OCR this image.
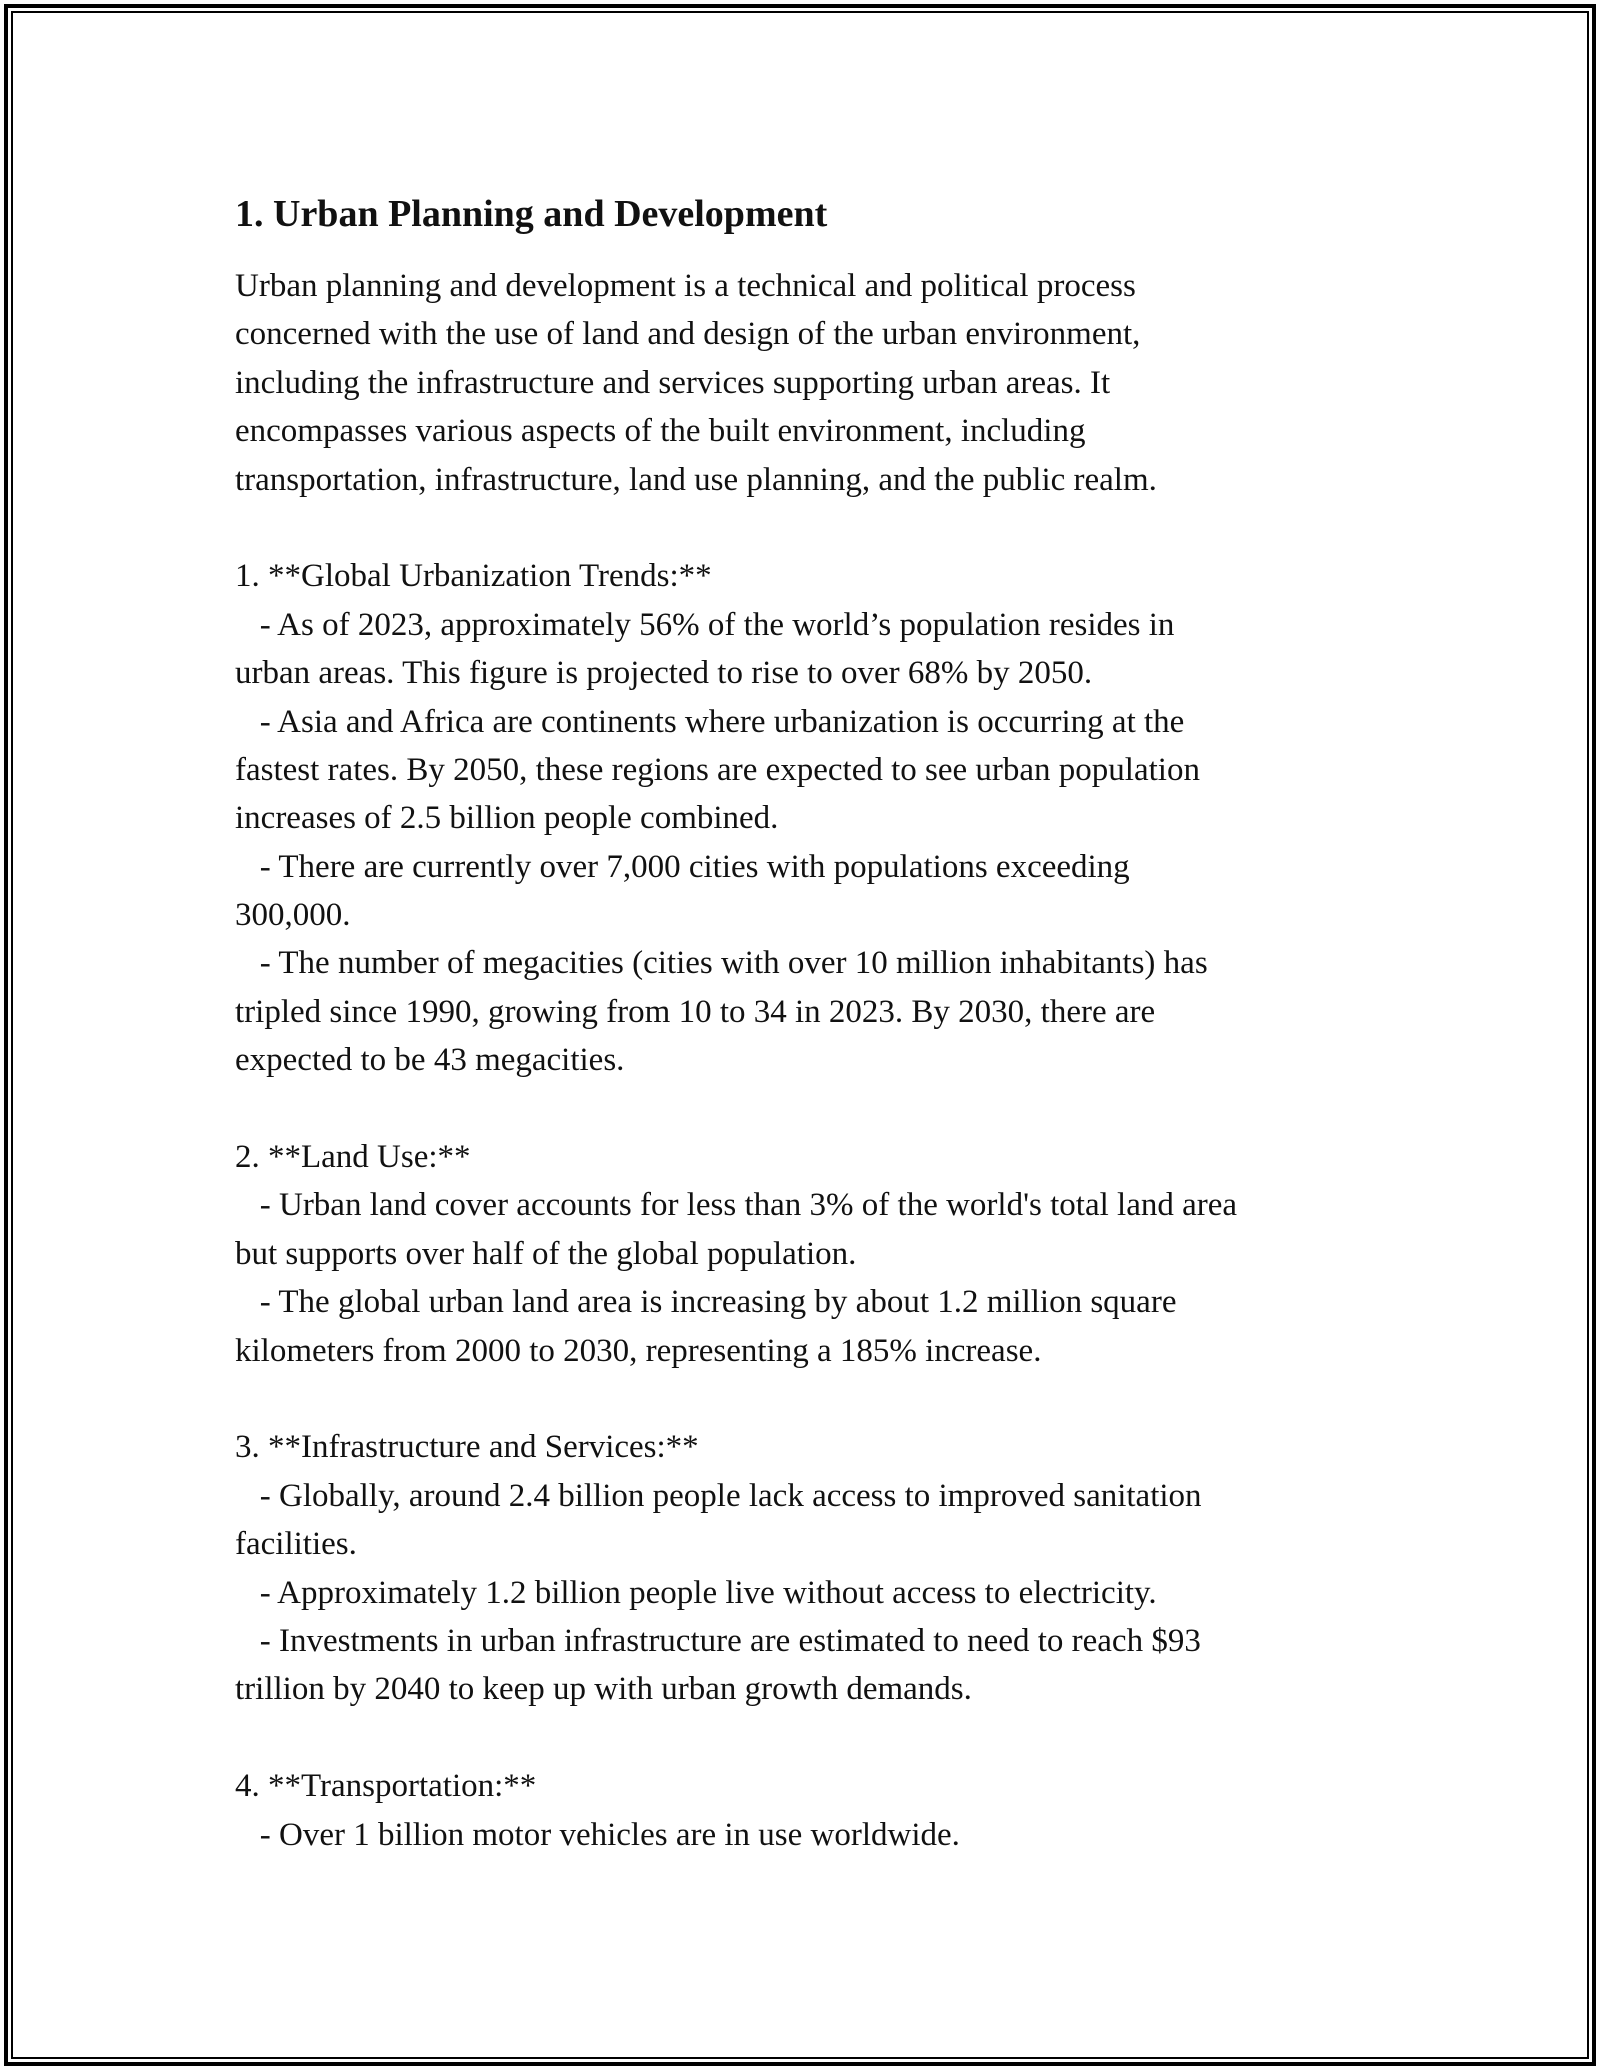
1. Urban Planning and Development
Urban planning and development is a technical and political process
concerned with the use of land and design of the urban environment,
including the infrastructure and services supporting urban areas. It
encompasses various aspects of the built environment, including
transportation, infrastructure, land use planning, and the public realm.
1. **Global Urbanization Trends:**
- As of 2023, approximately 56% of the world’s population resides in
urban areas. This figure is projected to rise to over 68% by 2050.
- Asia and Africa are continents where urbanization is occurring at the
fastest rates. By 2050, these regions are expected to see urban population
increases of 2.5 billion people combined.
- There are currently over 7,000 cities with populations exceeding
300,000.
- The number of megacities (cities with over 10 million inhabitants) has
tripled since 1990, growing from 10 to 34 in 2023. By 2030, there are
expected to be 43 megacities.
2. **Land Use:**
- Urban land cover accounts for less than 3% of the world's total land area
but supports over half of the global population.
- The global urban land area is increasing by about 1.2 million square
kilometers from 2000 to 2030, representing a 185% increase.
3. **Infrastructure and Services:**
- Globally, around 2.4 billion people lack access to improved sanitation
facilities.
- Approximately 1.2 billion people live without access to electricity.
- Investments in urban infrastructure are estimated to need to reach $93
trillion by 2040 to keep up with urban growth demands.
4. **Transportation:**
- Over 1 billion motor vehicles are in use worldwide.
